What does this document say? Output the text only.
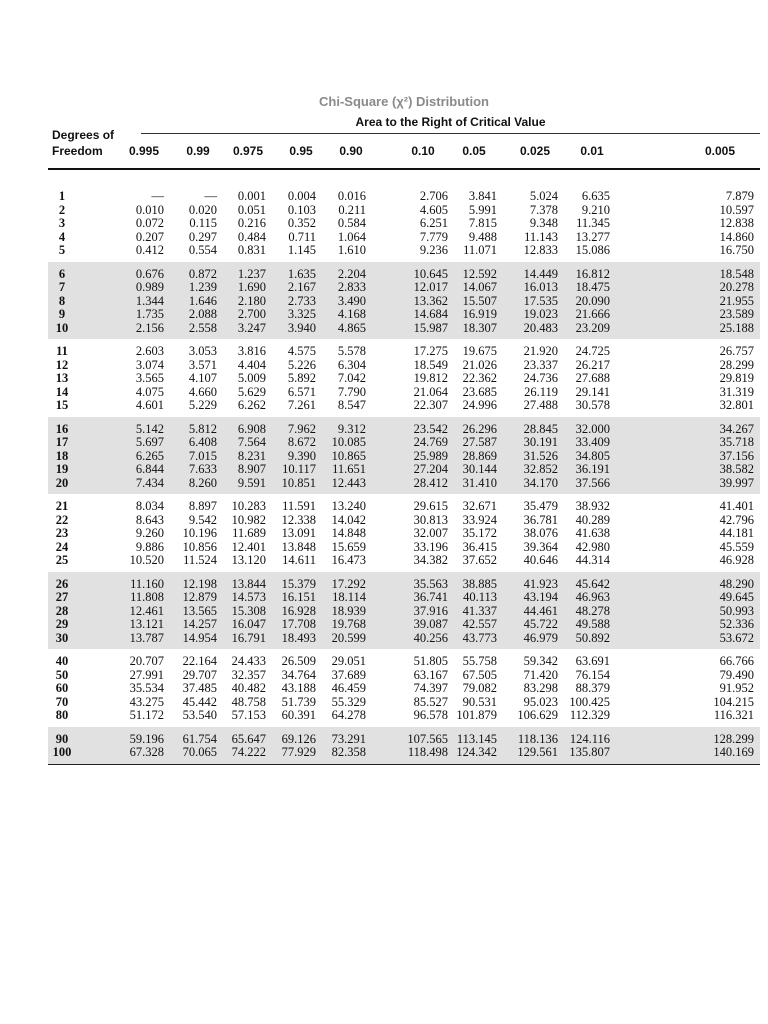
Chi-Square (χ²) Distribution
Area to the Right of Critical Value
Degrees of
Freedom	0.995	0.99	0.975	0.95	0.90	0.10	0.05	0.025	0.01	0.005
1	—	— 0.001 0.004 0.016	2.706 3.841	5.024 6.635	7.879
2	0.010 0.020 0.051 0.103 0.211	4.605 5.991	7.378 9.210	10.597
3	0.072 0.115 0.216 0.352 0.584	6.251 7.815	9.348 11.345	12.838
4	0.207 0.297 0.484 0.711 1.064	7.779 9.488 11.143 13.277	14.860
5	0.412 0.554 0.831 1.145 1.610	9.236 11.071 12.833 15.086	16.750
6	0.676 0.872 1.237 1.635 2.204	10.645 12.592 14.449 16.812	18.548
7	0.989 1.239 1.690 2.167 2.833	12.017 14.067 16.013 18.475	20.278
8	1.344 1.646 2.180 2.733 3.490	13.362 15.507 17.535 20.090	21.955
9	1.735 2.088 2.700 3.325 4.168	14.684 16.919 19.023 21.666	23.589
10	2.156 2.558 3.247 3.940 4.865	15.987 18.307 20.483 23.209	25.188
11	2.603 3.053 3.816 4.575 5.578	17.275 19.675 21.920 24.725	26.757
12	3.074 3.571 4.404 5.226 6.304	18.549 21.026 23.337 26.217	28.299
13	3.565 4.107 5.009 5.892 7.042	19.812 22.362 24.736 27.688	29.819
14	4.075 4.660 5.629 6.571 7.790	21.064 23.685 26.119 29.141	31.319
15	4.601 5.229 6.262 7.261 8.547	22.307 24.996 27.488 30.578	32.801
16	5.142 5.812 6.908 7.962 9.312	23.542 26.296 28.845 32.000	34.267
17	5.697 6.408 7.564 8.672 10.085	24.769 27.587 30.191 33.409	35.718
18	6.265 7.015 8.231 9.390 10.865	25.989 28.869 31.526 34.805	37.156
19	6.844 7.633 8.907 10.117 11.651	27.204 30.144 32.852 36.191	38.582
20	7.434 8.260 9.591 10.851 12.443	28.412 31.410 34.170 37.566	39.997
21	8.034 8.897 10.283 11.591 13.240	29.615 32.671 35.479 38.932	41.401
22	8.643 9.542 10.982 12.338 14.042	30.813 33.924 36.781 40.289	42.796
23	9.260 10.196 11.689 13.091 14.848	32.007 35.172 38.076 41.638	44.181
24	9.886 10.856 12.401 13.848 15.659	33.196 36.415 39.364 42.980	45.559
25	10.520 11.524 13.120 14.611 16.473	34.382 37.652 40.646 44.314	46.928
26	11.160 12.198 13.844 15.379 17.292	35.563 38.885 41.923 45.642	48.290
27	11.808 12.879 14.573 16.151 18.114	36.741 40.113 43.194 46.963	49.645
28	12.461 13.565 15.308 16.928 18.939	37.916 41.337 44.461 48.278	50.993
29	13.121 14.257 16.047 17.708 19.768	39.087 42.557 45.722 49.588	52.336
30	13.787 14.954 16.791 18.493 20.599	40.256 43.773 46.979 50.892	53.672
40	20.707 22.164 24.433 26.509 29.051	51.805 55.758 59.342 63.691	66.766
50	27.991 29.707 32.357 34.764 37.689	63.167 67.505 71.420 76.154	79.490
60	35.534 37.485 40.482 43.188 46.459	74.397 79.082 83.298 88.379	91.952
70	43.275 45.442 48.758 51.739 55.329	85.527 90.531 95.023 100.425	104.215
80	51.172 53.540 57.153 60.391 64.278	96.578 101.879 106.629 112.329	116.321
90	59.196 61.754 65.647 69.126 73.291	107.565 113.145 118.136 124.116	128.299
100	67.328 70.065 74.222 77.929 82.358	118.498 124.342 129.561 135.807	140.169
